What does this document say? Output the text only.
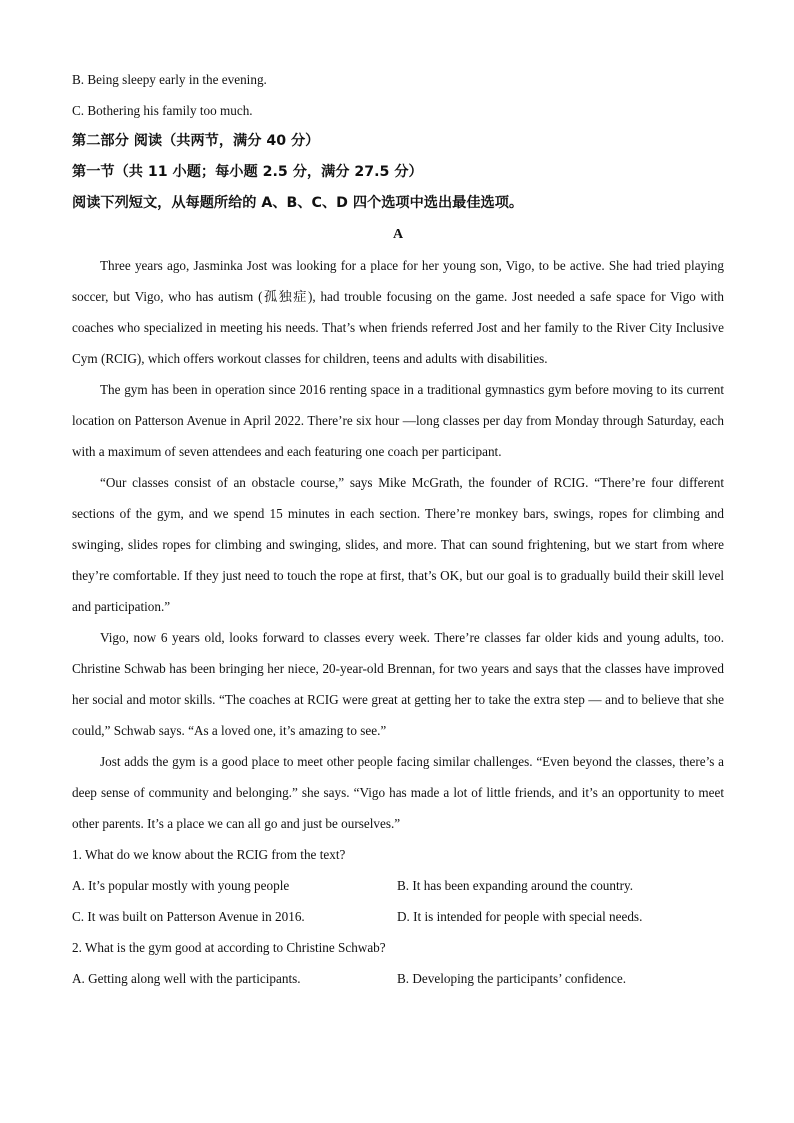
B. Being sleepy early in the evening.
C. Bothering his family too much.
第二部分 阅读（共两节，满分 40 分）
第一节（共 11 小题；每小题 2.5 分，满分 27.5 分）
阅读下列短文，从每题所给的 A、B、C、D 四个选项中选出最佳选项。
A

Three years ago, Jasminka Jost was looking for a place for her young son, Vigo, to be active. She had tried playing soccer, but Vigo, who has autism (孤独症), had trouble focusing on the game. Jost needed a safe space for Vigo with coaches who specialized in meeting his needs. That’s when friends referred Jost and her family to the River City Inclusive Cym (RCIG), which offers workout classes for children, teens and adults with disabilities.

The gym has been in operation since 2016 renting space in a traditional gymnastics gym before moving to its current location on Patterson Avenue in April 2022. There’re six hour —long classes per day from Monday through Saturday, each with a maximum of seven attendees and each featuring one coach per participant.

“Our classes consist of an obstacle course,” says Mike McGrath, the founder of RCIG. “There’re four different sections of the gym, and we spend 15 minutes in each section. There’re monkey bars, swings, ropes for climbing and swinging, slides ropes for climbing and swinging, slides, and more. That can sound frightening, but we start from where they’re comfortable. If they just need to touch the rope at first, that’s OK, but our goal is to gradually build their skill level and participation.”

Vigo, now 6 years old, looks forward to classes every week. There’re classes far older kids and young adults, too. Christine Schwab has been bringing her niece, 20-year-old Brennan, for two years and says that the classes have improved her social and motor skills. “The coaches at RCIG were great at getting her to take the extra step — and to believe that she could,” Schwab says. “As a loved one, it’s amazing to see.”

Jost adds the gym is a good place to meet other people facing similar challenges. “Even beyond the classes, there’s a deep sense of community and belonging.” she says. “Vigo has made a lot of little friends, and it’s an opportunity to meet other parents. It’s a place we can all go and just be ourselves.”

1. What do we know about the RCIG from the text?
A. It’s popular mostly with young people	B. It has been expanding around the country.
C. It was built on Patterson Avenue in 2016.	D. It is intended for people with special needs.
2. What is the gym good at according to Christine Schwab?
A. Getting along well with the participants.	B. Developing the participants’ confidence.
